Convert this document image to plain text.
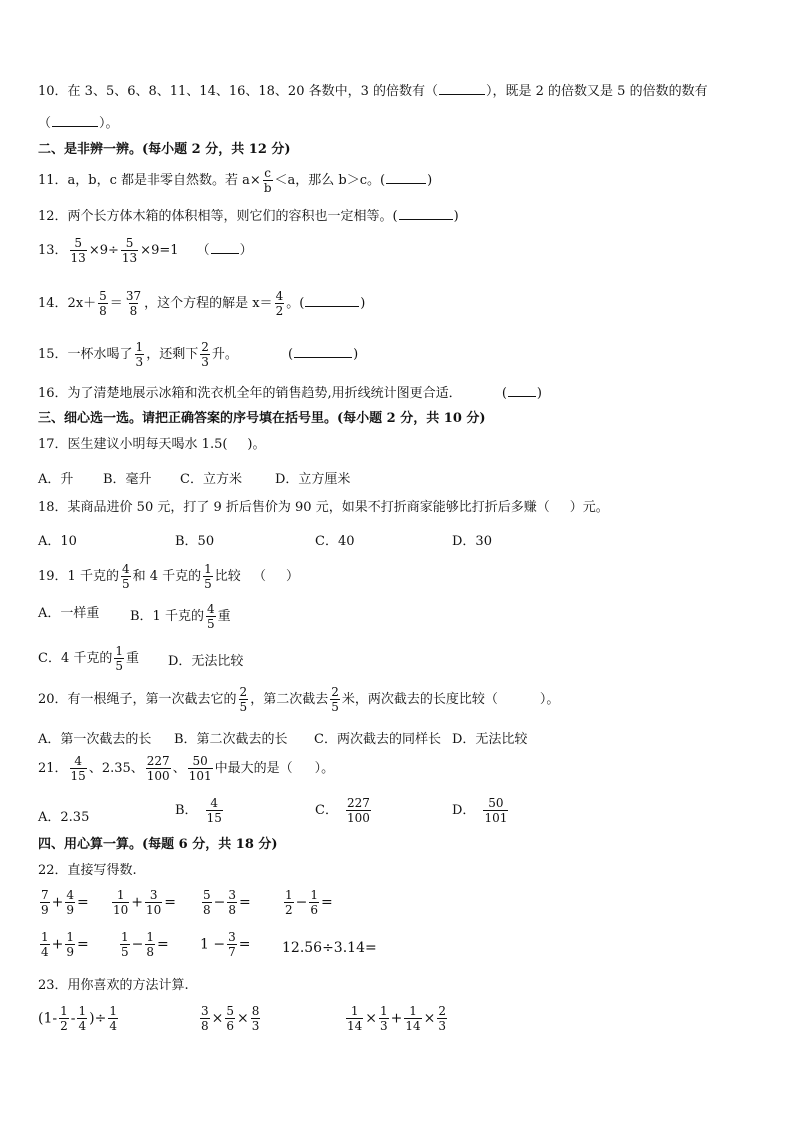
10．在 3、5、6、8、11、14、16、18、20 各数中，3 的倍数有（	），既是 2 的倍数又是 5 的倍数的数有
（	）。
二、是非辨一辨。(每小题 2 分，共 12 分)
11．a，b，c 都是非零自然数。若 $a\times \frac{c}{b} <a$，那么 b＞c。(	)
12．两个长方体木箱的体积相等，则它们的容积也一定相等。(	)
13． $\frac{5}{13} \times 9\div \frac{5}{13} \times 9=1$ （ ）
14．$2x+ \frac{5}{8} = \frac{37}{8}$ ，这个方程的解是 $x= \frac{4}{2}$ 。(	)
15．一杯水喝了 $\frac{1}{3}$ ，还剩下 $\frac{2}{3}$ 升。	(	)
16．为了清楚地展示冰箱和洗衣机全年的销售趋势,用折线统计图更合适．	( )
三、细心选一选。请把正确答案的序号填在括号里。(每小题 2 分，共 10 分)
17．医生建议小明每天喝水 1.5( )。
A．升 B．毫升 C．立方米	D．立方厘米
18．某商品进价 50 元，打了 9 折后售价为 90 元，如果不打折商家能够比打折后多赚（ ）元。
A．10	B．50	C．40	D．30
19．1 千克的 $\frac{4}{5}$ 和 4 千克的 $\frac{1}{5}$ 比较 （ ）
A．一样重 B．1 千克的 $\frac{4}{5}$ 重
C．4 千克的 $\frac{1}{5}$ 重 D．无法比较
20．有一根绳子，第一次截去它的 $\frac{2}{5}$ ，第二次截去 $\frac{2}{5}$ 米，两次截去的长度比较（	）。
A．第一次截去的长 B．第二次截去的长 C．两次截去的同样长 D．无法比较
21． $\frac{4}{15}$ 、2.35、 $\frac{227}{100}$ 、 $\frac{50}{101}$ 中最大的是（ ）。
A．2.35	B． $\frac{4}{15}$	C． $\frac{227}{100}$	D． $\frac{50}{101}$
四、用心算一算。(每题 6 分，共 18 分)
22．直接写得数.
$\frac{7}{9} + \frac{4}{9} = \frac{1}{10} + \frac{3}{10} = \frac{5}{8} - \frac{3}{8}$ =	$\frac{1}{2} - \frac{1}{6}$ =
$\frac{1}{4} + \frac{1}{9}$ =	$\frac{1}{5} - \frac{1}{8} = 1 - \frac{3}{7} = 12.56\div 3.14=$
23．用你喜欢的方法计算.
($1- \frac{1}{2} - \frac{1}{4}$ )÷ $\frac{1}{4}$	$\frac{3}{8} \times \frac{5}{6} \times \frac{8}{3}$	$\frac{1}{14} \times \frac{1}{3} + \frac{1}{14} \times \frac{2}{3}$
